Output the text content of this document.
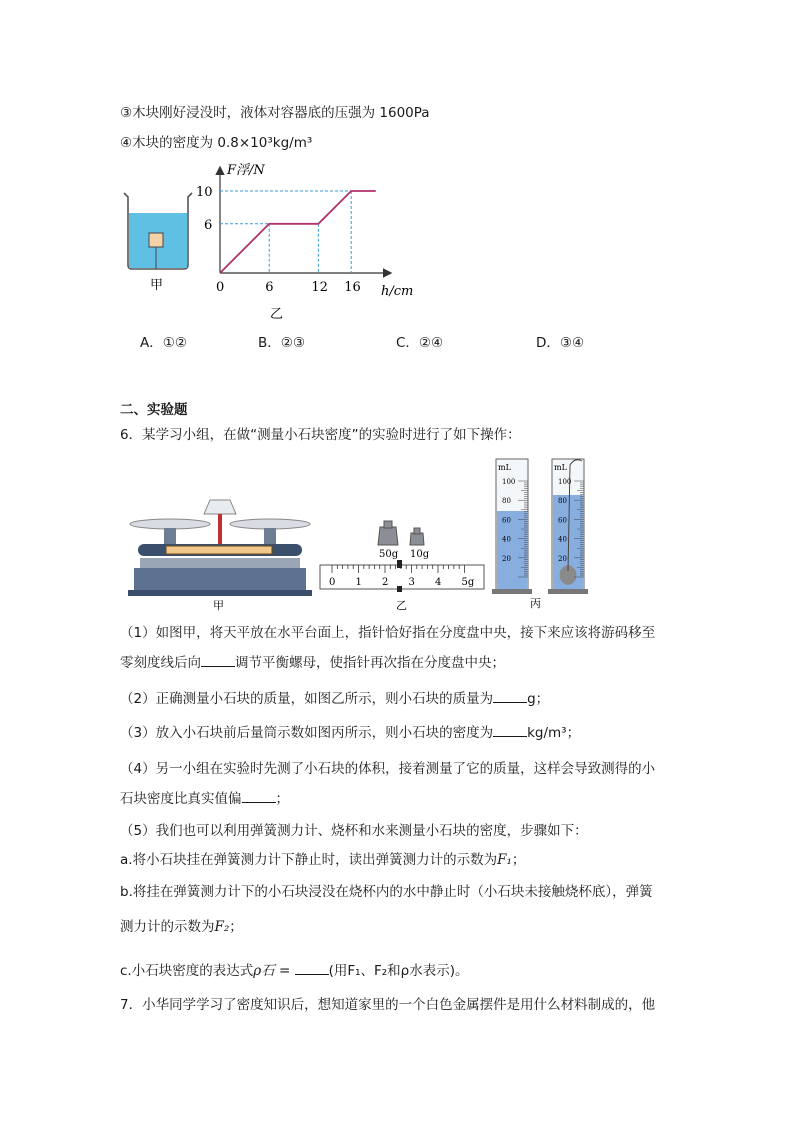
③木块刚好浸没时，液体对容器底的压强为 1600Pa
④木块的密度为 0.8×10³kg/m³
甲	0	6	12 16
6
10
F浮/N
h/cm
乙
A．①②	B．②③	C．②④	D．③④
二、实验题
6．某学习小组，在做“测量小石块密度”的实验时进行了如下操作：
甲
50g 10g
0 1 2 3 4 5g
乙
mL
100
80
60
40
20
mL
100
80
60
40
20
丙
（1）如图甲，将天平放在水平台面上，指针恰好指在分度盘中央，接下来应该将游码移至
零刻度线后向	调节平衡螺母，使指针再次指在分度盘中央；
（2）正确测量小石块的质量，如图乙所示，则小石块的质量为	g；
（3）放入小石块前后量筒示数如图丙所示，则小石块的密度为	kg/m³；
（4）另一小组在实验时先测了小石块的体积，接着测量了它的质量，这样会导致测得的小
石块密度比真实值偏	；
（5）我们也可以利用弹簧测力计、烧杯和水来测量小石块的密度，步骤如下：
a.将小石块挂在弹簧测力计下静止时，读出弹簧测力计的示数为F₁；
b.将挂在弹簧测力计下的小石块浸没在烧杯内的水中静止时（小石块未接触烧杯底），弹簧
测力计的示数为F₂；
c.小石块密度的表达式ρ石 =	(用F₁、F₂和ρ水表示)。
7．小华同学学习了密度知识后，想知道家里的一个白色金属摆件是用什么材料制成的，他
